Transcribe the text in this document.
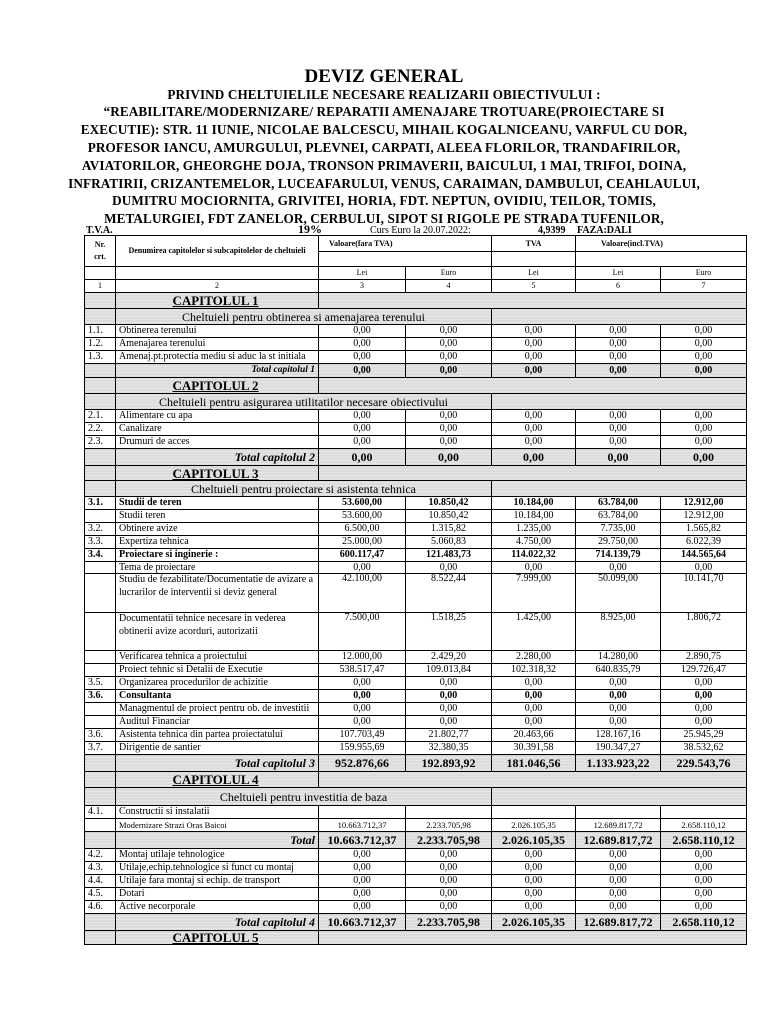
DEVIZ GENERAL
PRIVIND CHELTUIELILE NECESARE REALIZARII OBIECTIVULUI :
“REABILITARE/MODERNIZARE/ REPARATII AMENAJARE TROTUARE(PROIECTARE SI
EXECUTIE): STR. 11 IUNIE, NICOLAE BALCESCU, MIHAIL KOGALNICEANU, VARFUL CU DOR,
PROFESOR IANCU, AMURGULUI, PLEVNEI, CARPATI, ALEEA FLORILOR, TRANDAFIRILOR,
AVIATORILOR, GHEORGHE DOJA, TRONSON PRIMAVERII, BAICULUI, 1 MAI, TRIFOI, DOINA,
INFRATIRII, CRIZANTEMELOR, LUCEAFARULUI, VENUS, CARAIMAN, DAMBULUI, CEAHLAULUI,
DUMITRU MOCIORNITA, GRIVITEI, HORIA, FDT. NEPTUN, OVIDIU, TEILOR, TOMIS,
METALURGIEI, FDT ZANELOR, CERBULUI, SIPOT SI RIGOLE PE STRADA TUFENILOR,
T.V.A.	19%	Curs Euro la 20.07.2022:	4,9399 FAZA:DALI
Nr. crt.	Denumirea capitolelor si subcapitolelor de cheltuieli	Valoare(fara TVA)		TVA	Valoare(incl.TVA)	

		Lei	Euro	Lei	Lei	Euro
1	2	3	4	5	6	7
	CAPITOLUL 1					
	Cheltuieli pentru obtinerea si amenajarea terenului					
1.1.	Obtinerea terenului	0,00	0,00	0,00	0,00	0,00
1.2.	Amenajarea terenului	0,00	0,00	0,00	0,00	0,00
1.3.	Amenaj.pt.protectia mediu si aduc la st initiala	0,00	0,00	0,00	0,00	0,00
	Total capitolul 1	0,00	0,00	0,00	0,00	0,00
	CAPITOLUL 2					
	Cheltuieli pentru asigurarea utilitatilor necesare obiectivului					
2.1.	Alimentare cu apa	0,00	0,00	0,00	0,00	0,00
2.2.	Canalizare	0,00	0,00	0,00	0,00	0,00
2.3.	Drumuri de acces	0,00	0,00	0,00	0,00	0,00
	Total capitolul 2	0,00	0,00	0,00	0,00	0,00
	CAPITOLUL 3					
	Cheltuieli pentru proiectare si asistenta tehnica					
3.1.	Studii de teren	53.600,00	10.850,42	10.184,00	63.784,00	12.912,00
	Studii teren	53.600,00	10.850,42	10.184,00	63.784,00	12.912,00
3.2.	Obtinere avize	6.500,00	1.315,82	1.235,00	7.735,00	1.565,82
3.3.	Expertiza tehnica	25.000,00	5.060,83	4.750,00	29.750,00	6.022,39
3.4.	Proiectare si inginerie :	600.117,47	121.483,73	114.022,32	714.139,79	144.565,64
	Tema de proiectare	0,00	0,00	0,00	0,00	0,00
	Studiu de fezabilitate/Documentatie de avizare a lucrarilor de interventii si deviz general	42.100,00	8.522,44	7.999,00	50.099,00	10.141,70
	Documentatii tehnice necesare in vederea obtinerii avize acorduri, autorizatii	7.500,00	1.518,25	1.425,00	8.925,00	1.806,72
	Verificarea tehnica a proiectului	12.000,00	2.429,20	2.280,00	14.280,00	2.890,75
	Proiect tehnic si Detalii de Executie	538.517,47	109.013,84	102.318,32	640.835,79	129.726,47
3.5.	Organizarea procedurilor de achizitie	0,00	0,00	0,00	0,00	0,00
3.6.	Consultanta	0,00	0,00	0,00	0,00	0,00
	Managmentul de proiect pentru ob. de investitii	0,00	0,00	0,00	0,00	0,00
	Auditul Financiar	0,00	0,00	0,00	0,00	0,00
3.6.	Asistenta tehnica din partea proiectatului	107.703,49	21.802,77	20.463,66	128.167,16	25.945,29
3.7.	Dirigentie de santier	159.955,69	32.380,35	30.391,58	190.347,27	38.532,62
	Total capitolul 3	952.876,66	192.893,92	181.046,56	1.133.923,22	229.543,76
	CAPITOLUL 4					
	Cheltuieli pentru investitia de baza					
4.1.	Constructii si instalatii					
	Modernizare Strazi Oras Baicoi	10.663.712,37	2.233.705,98	2.026.105,35	12.689.817,72	2.658.110,12
	Total	10.663.712,37	2.233.705,98	2.026.105,35	12.689.817,72	2.658.110,12
4.2.	Montaj utilaje tehnologice	0,00	0,00	0,00	0,00	0,00
4.3.	Utilaje,echip.tehnologice si funct cu montaj	0,00	0,00	0,00	0,00	0,00
4.4.	Utilaje fara montaj si echip. de transport	0,00	0,00	0,00	0,00	0,00
4.5.	Dotari	0,00	0,00	0,00	0,00	0,00
4.6.	Active necorporale	0,00	0,00	0,00	0,00	0,00
	Total capitolul 4	10.663.712,37	2.233.705,98	2.026.105,35	12.689.817,72	2.658.110,12
	CAPITOLUL 5					
